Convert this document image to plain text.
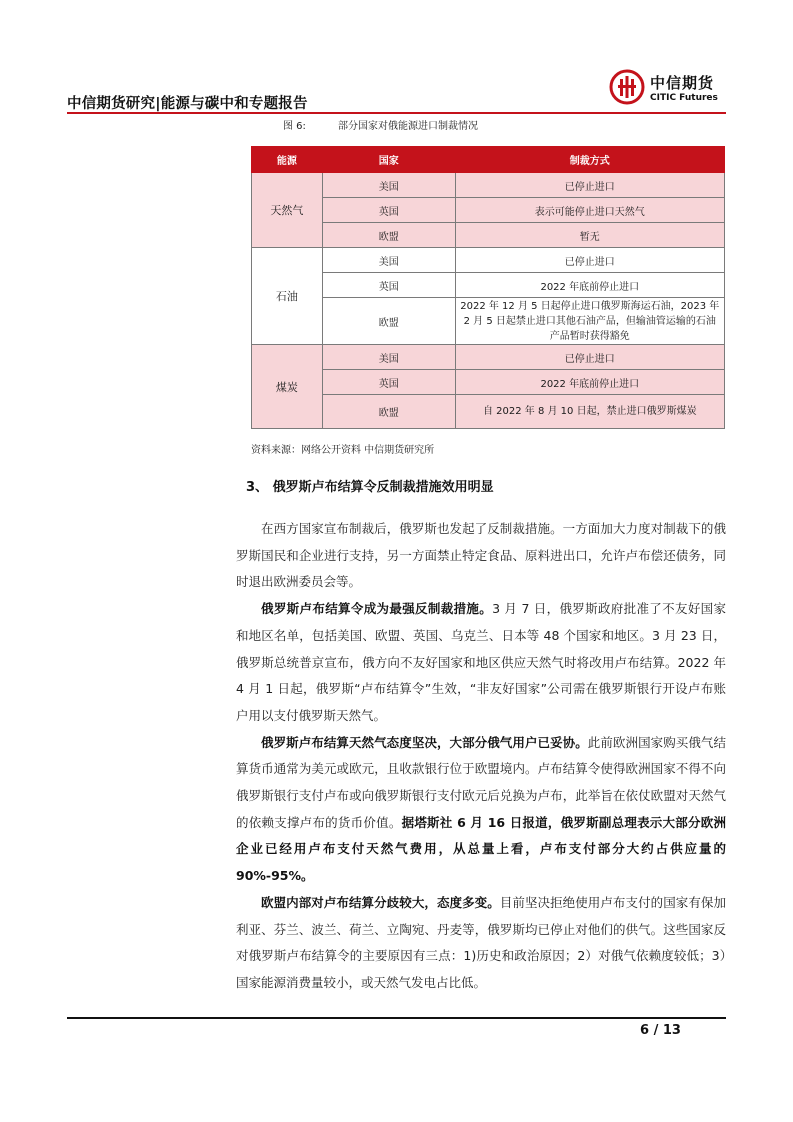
中信期货研究|能源与碳中和专题报告
中信期货
CITIC Futures
图 6:	部分国家对俄能源进口制裁情况
能源	国家	制裁方式
天然气	美国	已停止进口
	英国	表示可能停止进口天然气
	欧盟	暂无
石油	美国	已停止进口
	英国	2022 年底前停止进口
	欧盟	2022 年 12 月 5 日起停止进口俄罗斯海运石油，2023 年 2 月 5 日起禁止进口其他石油产品，但输油管运输的石油产品暂时获得豁免
煤炭	美国	已停止进口
	英国	2022 年底前停止进口
	欧盟	自 2022 年 8 月 10 日起，禁止进口俄罗斯煤炭
资料来源：网络公开资料 中信期货研究所
3、 俄罗斯卢布结算令反制裁措施效用明显

在西方国家宣布制裁后，俄罗斯也发起了反制裁措施。一方面加大力度对制裁下的俄罗斯国民和企业进行支持，另一方面禁止特定食品、原料进出口，允许卢布偿还债务，同时退出欧洲委员会等。

俄罗斯卢布结算令成为最强反制裁措施。3 月 7 日，俄罗斯政府批准了不友好国家和地区名单，包括美国、欧盟、英国、乌克兰、日本等 48 个国家和地区。3 月 23 日，俄罗斯总统普京宣布，俄方向不友好国家和地区供应天然气时将改用卢布结算。2022 年 4 月 1 日起，俄罗斯“卢布结算令”生效，“非友好国家”公司需在俄罗斯银行开设卢布账户用以支付俄罗斯天然气。

俄罗斯卢布结算天然气态度坚决，大部分俄气用户已妥协。此前欧洲国家购买俄气结算货币通常为美元或欧元，且收款银行位于欧盟境内。卢布结算令使得欧洲国家不得不向俄罗斯银行支付卢布或向俄罗斯银行支付欧元后兑换为卢布，此举旨在依仗欧盟对天然气的依赖支撑卢布的货币价值。据塔斯社 6 月 16 日报道，俄罗斯副总理表示大部分欧洲企业已经用卢布支付天然气费用，从总量上看，卢布支付部分大约占供应量的 90%-95%。

欧盟内部对卢布结算分歧较大，态度多变。目前坚决拒绝使用卢布支付的国家有保加利亚、芬兰、波兰、荷兰、立陶宛、丹麦等，俄罗斯均已停止对他们的供气。这些国家反对俄罗斯卢布结算令的主要原因有三点：1)历史和政治原因；2）对俄气依赖度较低；3）国家能源消费量较小，或天然气发电占比低。

6 / 13
